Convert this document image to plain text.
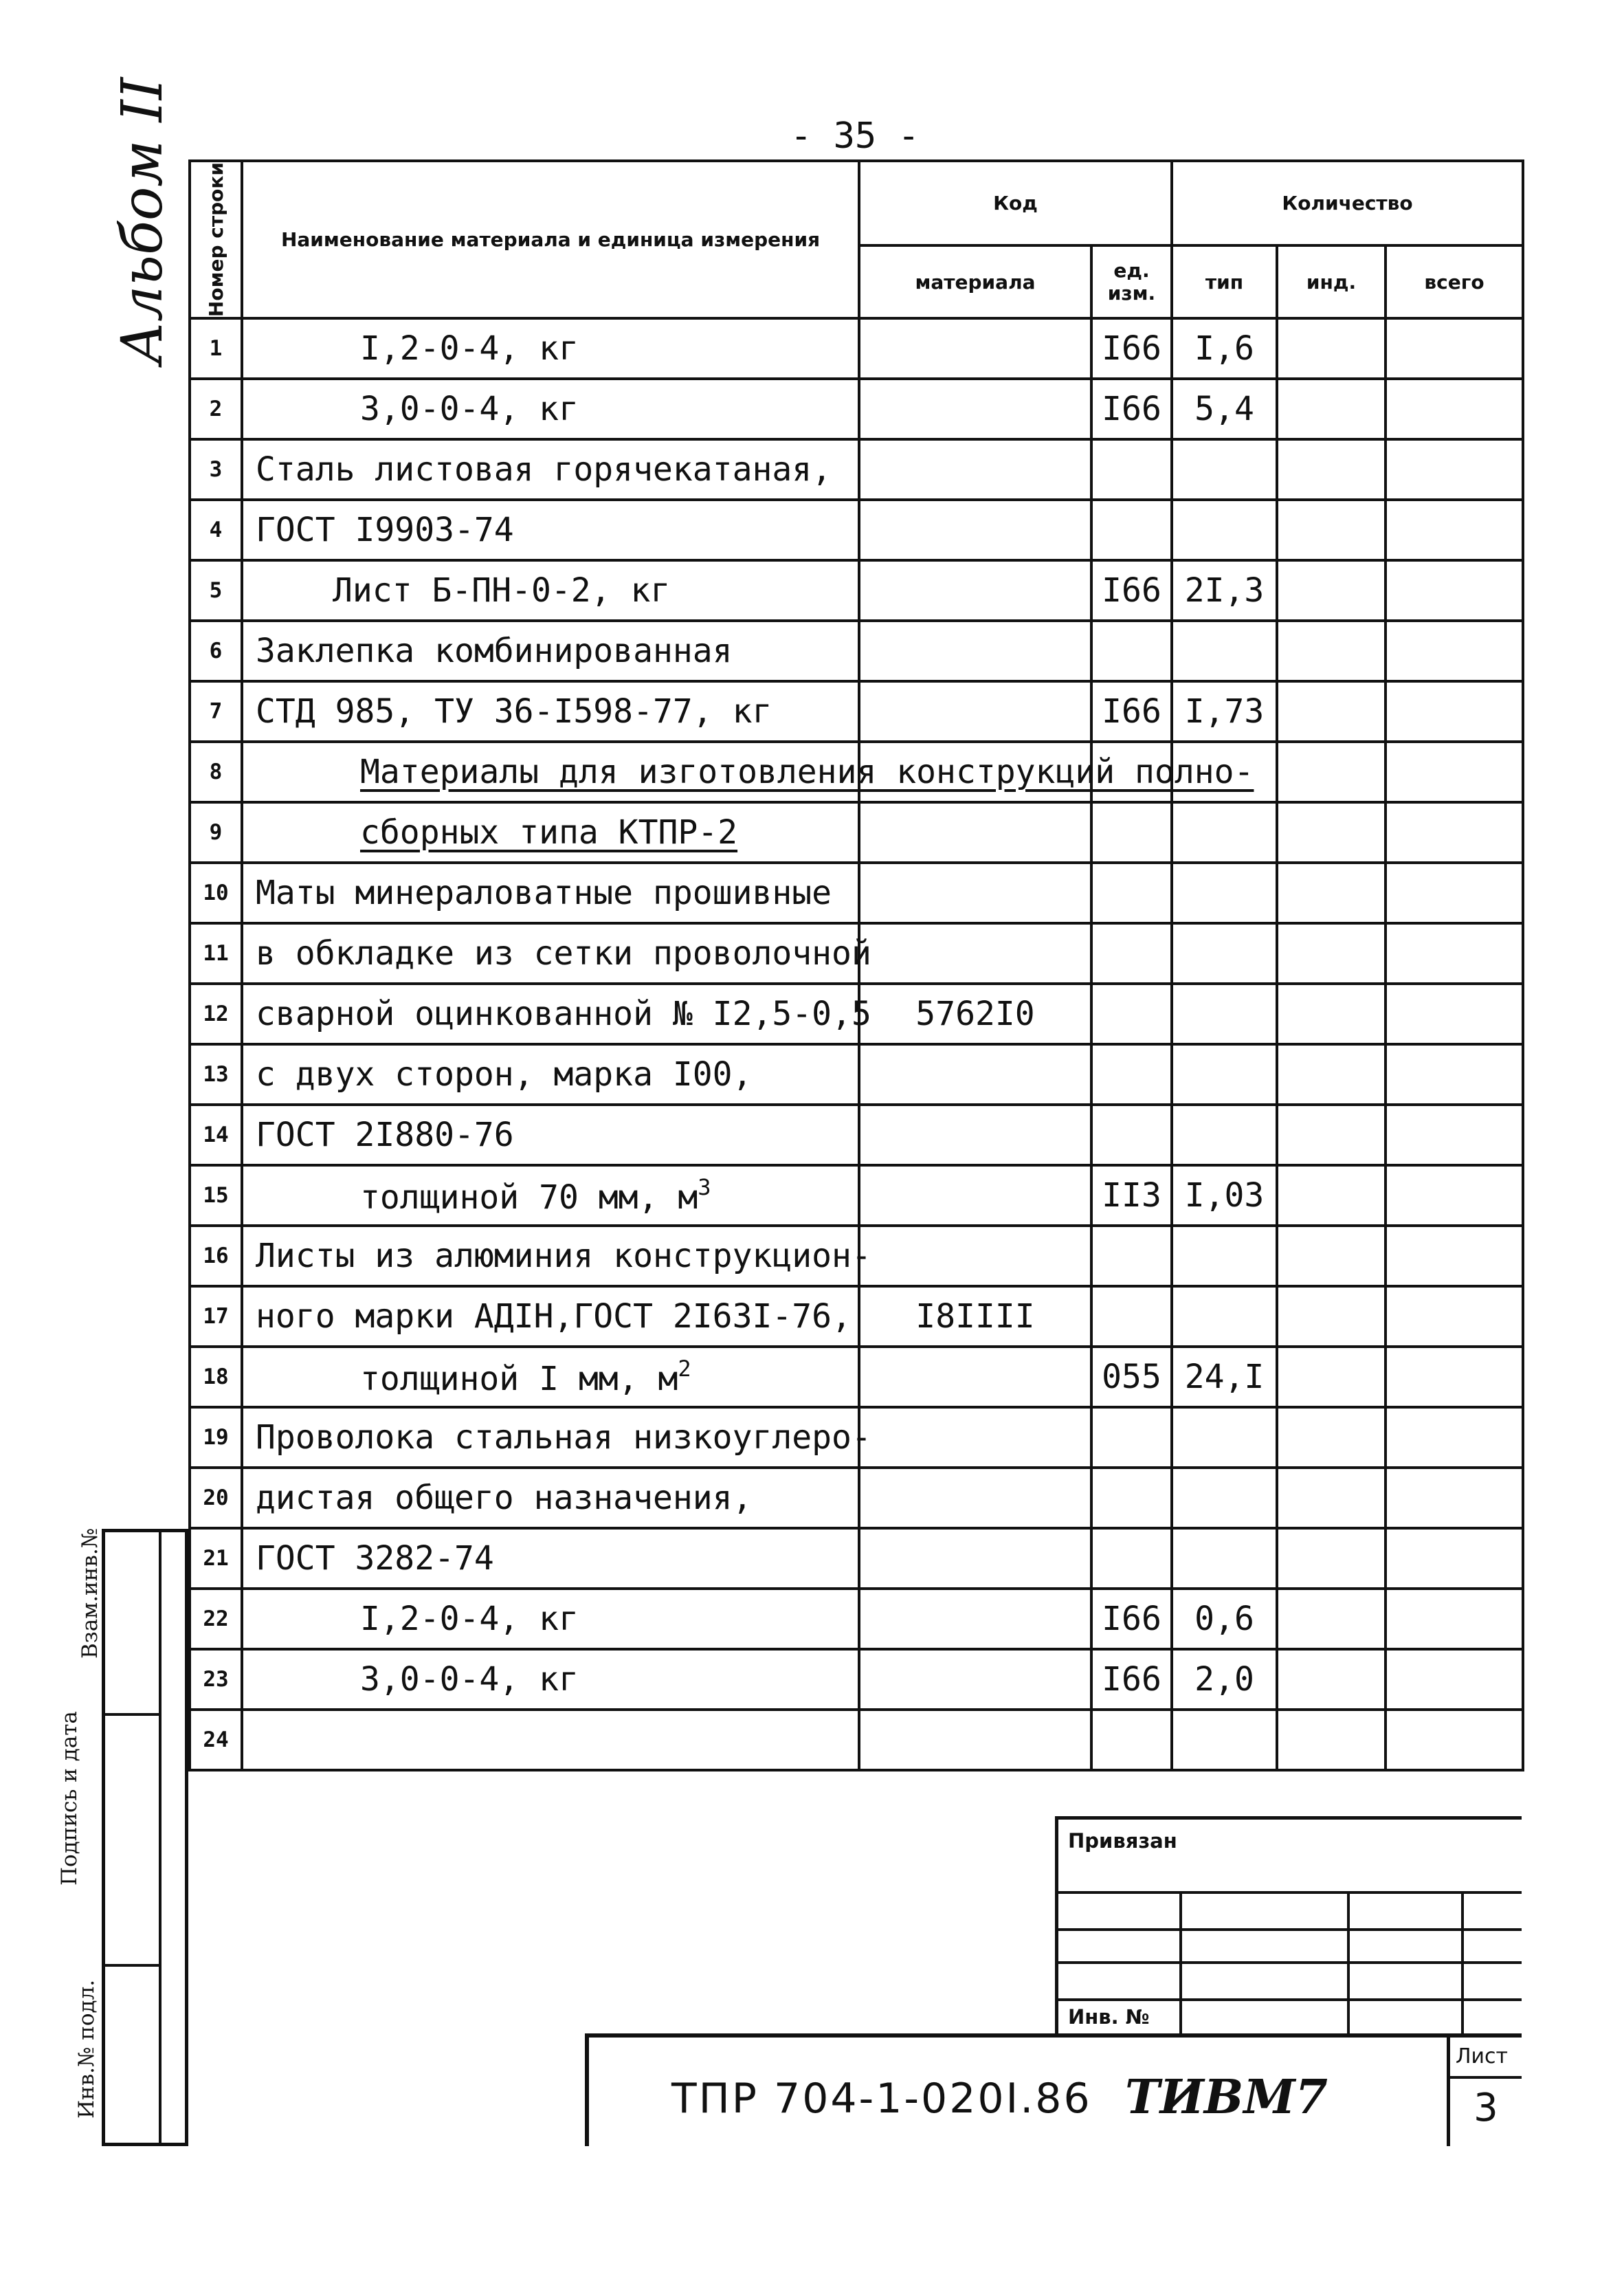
- 35 -
Альбом II Номер строки	Наименование материала и единица измерения	Код		Количество		
		материала	ед. изм.	тип	инд.	всего
1	I,2-0-4, кг		I66	I,6		
2	3,0-0-4, кг		I66	5,4		
3	Сталь листовая горячекатаная,					
4	ГОСТ I9903-74					
5	Лист Б-ПН-0-2, кг		I66	2I,3		
6	Заклепка комбинированная					
7	СТД 985, ТУ 36-I598-77, кг		I66	I,73		
8	Материалы для изготовления конструкций полно-					
9	сборных типа КТПР-2					
10	Маты минераловатные прошивные					
11	в обкладке из сетки проволочной					
12	сварной оцинкованной № I2,5-0,5	5762I0				
13	с двух сторон, марка I00,					
14	ГОСТ 2I880-76					
15	толщиной 70 мм, $м^3$		II3	I,03		
16	Листы из алюминия конструкцион-					
17	ного марки АДIН,ГОСТ 2I63I-76,	I8IIII				
18	толщиной I мм, $м^2$		055	24,I		
19	Проволока стальная низкоуглеро-					
20	дистая общего назначения,					
21	ГОСТ 3282-74					
22	I,2-0-4, кг		I66	0,6		
23	3,0-0-4, кг		I66	2,0		
24						
Взам.инв.№
Подпись и дата
Инв.№ подл.
Привязан
Инв. №
ТПР 704-1-020І.86 ТИВМ7
Лист
3
